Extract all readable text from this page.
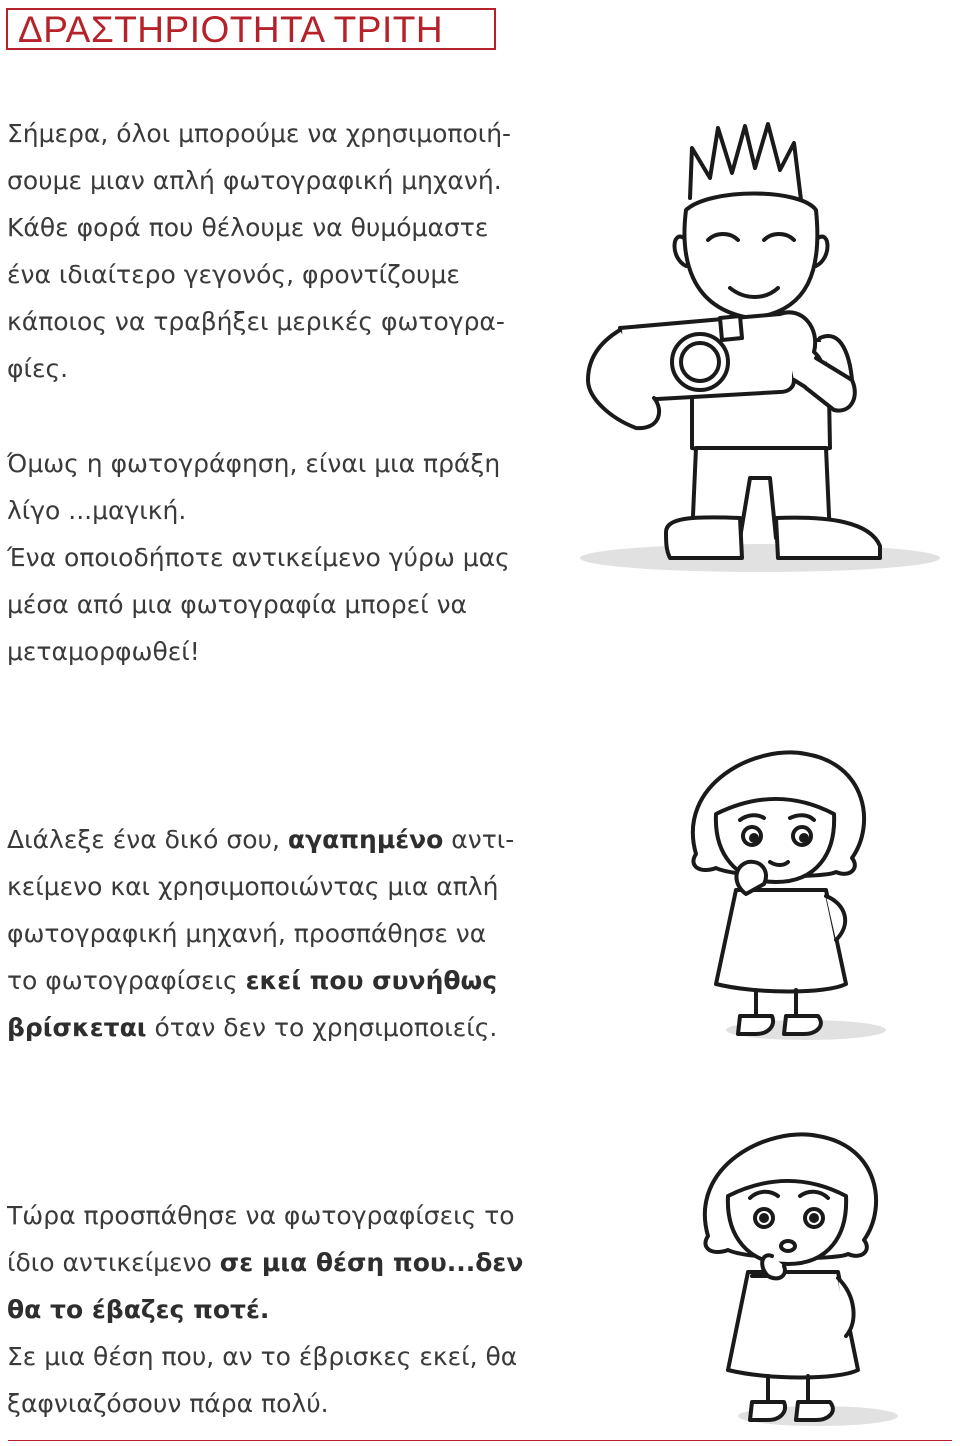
ΔΡΑΣΤΗΡΙΟΤΗΤΑ ΤΡΙΤΗ
Σήμερα, όλοι μπορούμε να χρησιμοποιή-
σουμε μιαν απλή φωτογραφική μηχανή.
Κάθε φορά που θέλουμε να θυμόμαστε
ένα ιδιαίτερο γεγονός, φροντίζουμε
κάποιος να τραβήξει μερικές φωτογρα-
φίες.
Όμως η φωτογράφηση, είναι μια πράξη
λίγο ...μαγική.
Ένα οποιοδήποτε αντικείμενο γύρω μας
μέσα από μια φωτογραφία μπορεί να
μεταμορφωθεί!
Διάλεξε ένα δικό σου, αγαπημένο αντι-
κείμενο και χρησιμοποιώντας μια απλή
φωτογραφική μηχανή, προσπάθησε να
το φωτογραφίσεις εκεί που συνήθως
βρίσκεται όταν δεν το χρησιμοποιείς.
Τώρα προσπάθησε να φωτογραφίσεις το
ίδιο αντικείμενο σε μια θέση που...δεν
θα το έβαζες ποτέ.
Σε μια θέση που, αν το έβρισκες εκεί, θα
ξαφνιαζόσουν πάρα πολύ.
